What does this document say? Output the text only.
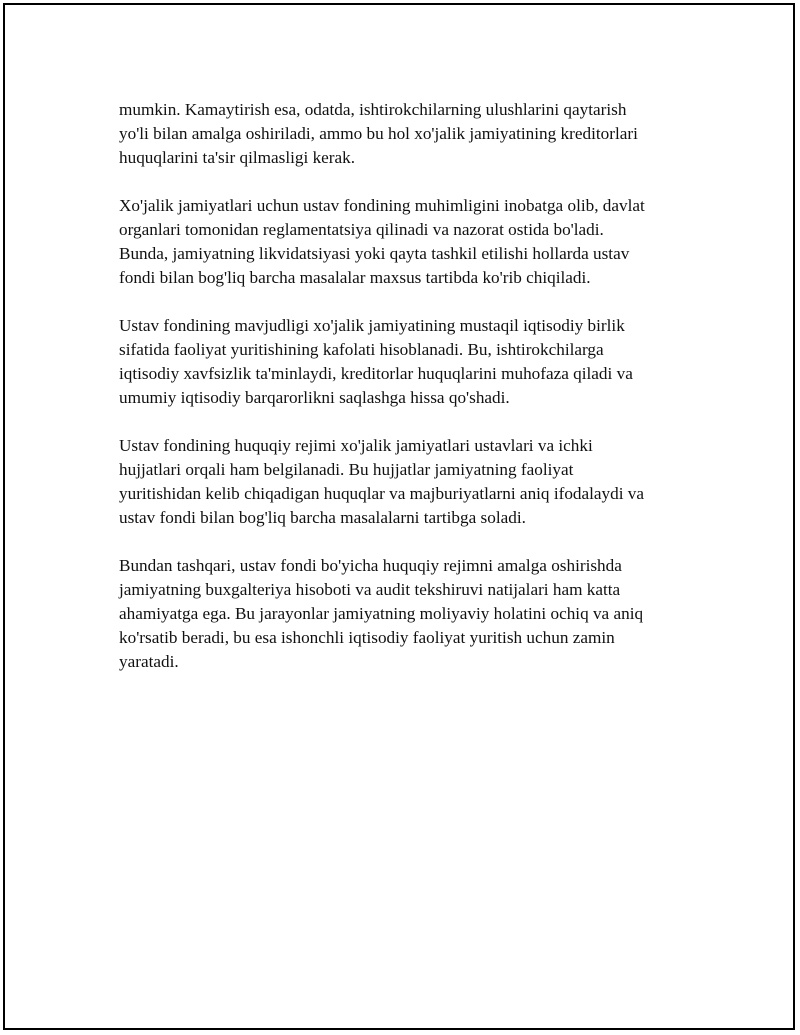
mumkin. Kamaytirish esa, odatda, ishtirokchilarning ulushlarini qaytarish
yo'li bilan amalga oshiriladi, ammo bu hol xo'jalik jamiyatining kreditorlari
huquqlarini ta'sir qilmasligi kerak.

Xo'jalik jamiyatlari uchun ustav fondining muhimligini inobatga olib, davlat
organlari tomonidan reglamentatsiya qilinadi va nazorat ostida bo'ladi.
Bunda, jamiyatning likvidatsiyasi yoki qayta tashkil etilishi hollarda ustav
fondi bilan bog'liq barcha masalalar maxsus tartibda ko'rib chiqiladi.

Ustav fondining mavjudligi xo'jalik jamiyatining mustaqil iqtisodiy birlik
sifatida faoliyat yuritishining kafolati hisoblanadi. Bu, ishtirokchilarga
iqtisodiy xavfsizlik ta'minlaydi, kreditorlar huquqlarini muhofaza qiladi va
umumiy iqtisodiy barqarorlikni saqlashga hissa qo'shadi.

Ustav fondining huquqiy rejimi xo'jalik jamiyatlari ustavlari va ichki
hujjatlari orqali ham belgilanadi. Bu hujjatlar jamiyatning faoliyat
yuritishidan kelib chiqadigan huquqlar va majburiyatlarni aniq ifodalaydi va
ustav fondi bilan bog'liq barcha masalalarni tartibga soladi.

Bundan tashqari, ustav fondi bo'yicha huquqiy rejimni amalga oshirishda
jamiyatning buxgalteriya hisoboti va audit tekshiruvi natijalari ham katta
ahamiyatga ega. Bu jarayonlar jamiyatning moliyaviy holatini ochiq va aniq
ko'rsatib beradi, bu esa ishonchli iqtisodiy faoliyat yuritish uchun zamin
yaratadi.
